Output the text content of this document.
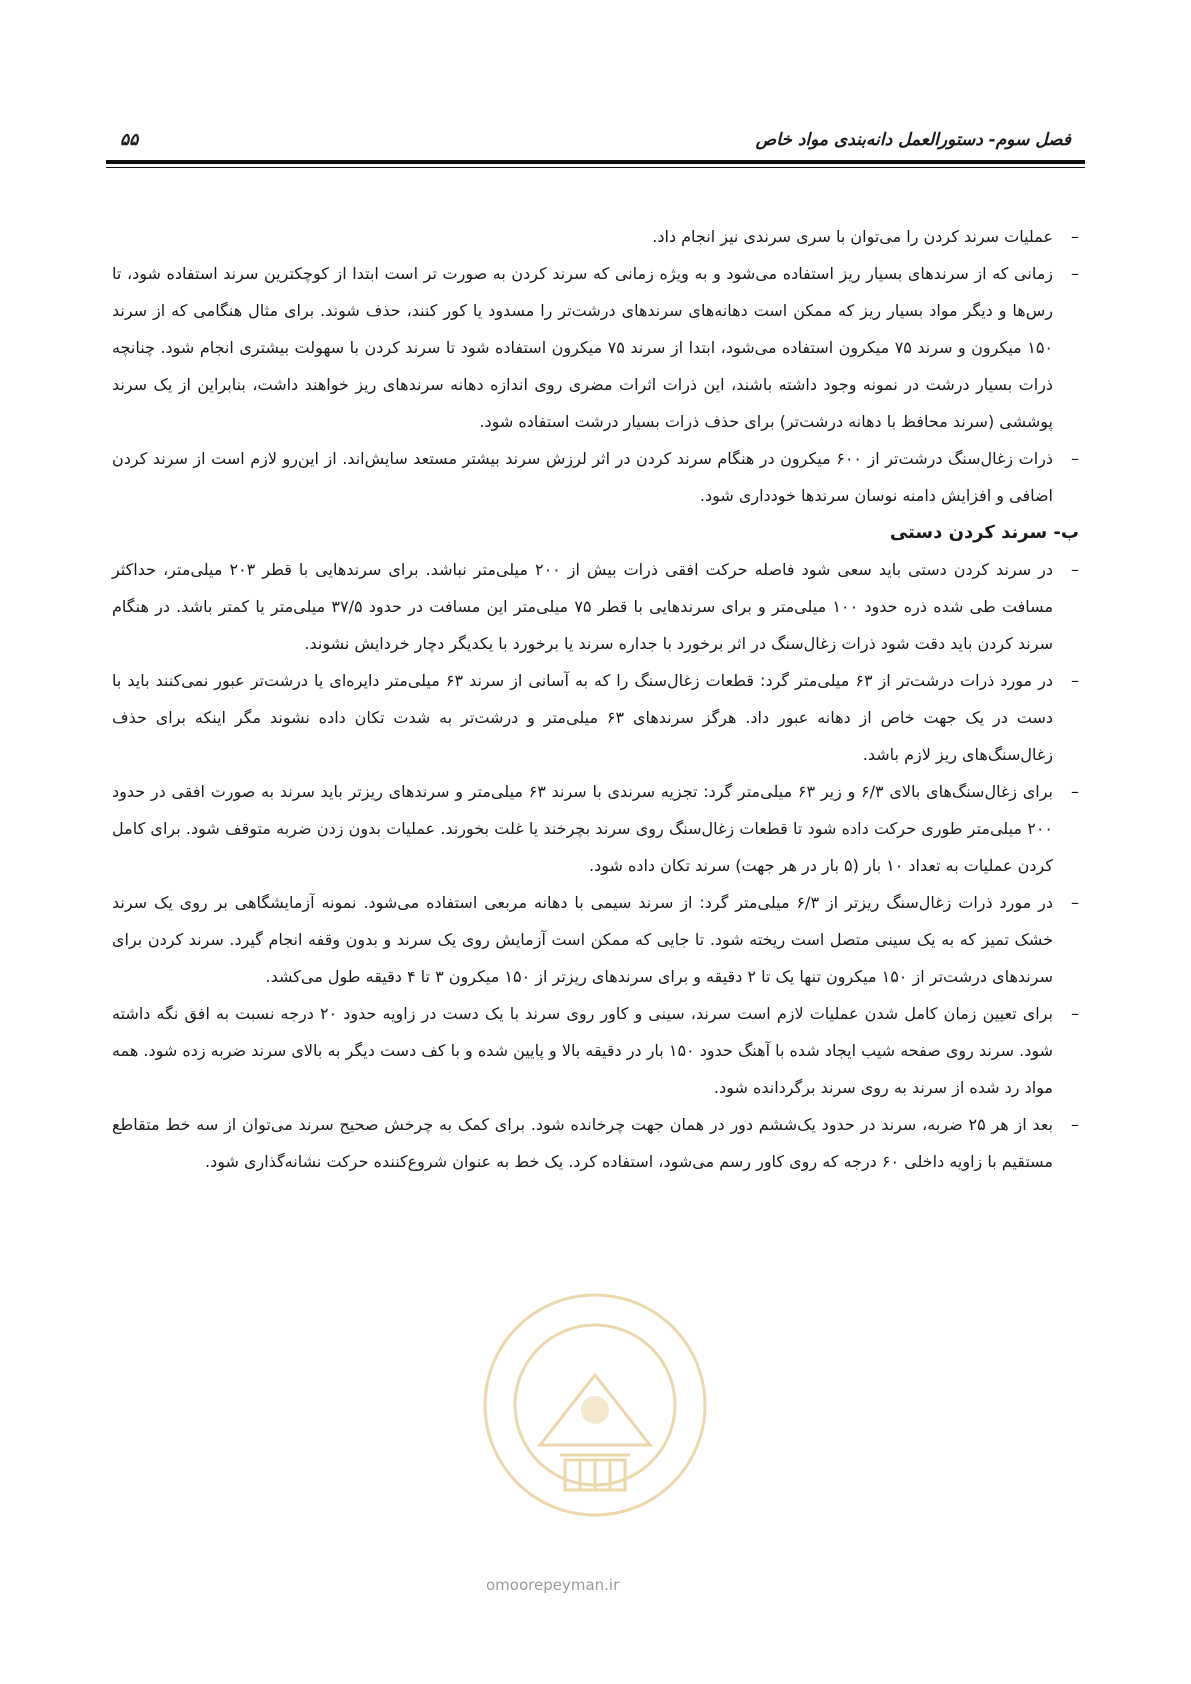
فصل سوم- دستورالعمل دانه‌بندی مواد خاص
۵۵

–
عملیات سرند کردن را می‌توان با سری سرندی نیز انجام داد.

–
زمانی که از سرندهای بسیار ریز استفاده می‌شود و به ویژه زمانی که سرند کردن به صورت تر است ابتدا از کوچکترین سرند استفاده شود، تا رس‌ها و دیگر مواد بسیار ریز که ممکن است دهانه‌های سرندهای درشت‌تر را مسدود یا کور کنند، حذف شوند. برای مثال هنگامی که از سرند ۱۵۰ میکرون و سرند ۷۵ میکرون استفاده می‌شود، ابتدا از سرند ۷۵ میکرون استفاده شود تا سرند کردن با سهولت بیشتری انجام شود. چنانچه ذرات بسیار درشت در نمونه وجود داشته باشند، این ذرات اثرات مضری روی اندازه دهانه سرندهای ریز خواهند داشت، بنابراین از یک سرند پوششی (سرند محافظ با دهانه درشت‌تر) برای حذف ذرات بسیار درشت استفاده شود.

–
ذرات زغال‌سنگ درشت‌تر از ۶۰۰ میکرون در هنگام سرند کردن در اثر لرزش سرند بیشتر مستعد سایش‌اند. از این‌رو لازم است از سرند کردن اضافی و افزایش دامنه نوسان سرندها خودداری شود.

ب- سرند کردن دستی

–
در سرند کردن دستی باید سعی شود فاصله حرکت افقی ذرات بیش از ۲۰۰ میلی‌متر نباشد. برای سرندهایی با قطر ۲۰۳ میلی‌متر، حداکثر مسافت طی شده ذره حدود ۱۰۰ میلی‌متر و برای سرندهایی با قطر ۷۵ میلی‌متر این مسافت در حدود ۳۷/۵ میلی‌متر یا کمتر باشد. در هنگام سرند کردن باید دقت شود ذرات زغال‌سنگ در اثر برخورد با جداره سرند یا برخورد با یکدیگر دچار خردایش نشوند.

–
در مورد ذرات درشت‌تر از ۶۳ میلی‌متر گرد: قطعات زغال‌سنگ را که به آسانی از سرند ۶۳ میلی‌متر دایره‌ای یا درشت‌تر عبور نمی‌کنند باید با دست در یک جهت خاص از دهانه عبور داد. هرگز سرندهای ۶۳ میلی‌متر و درشت‌تر به شدت تکان داده نشوند مگر اینکه برای حذف زغال‌سنگ‌های ریز لازم باشد.

–
برای زغال‌سنگ‌های بالای ۶/۳ و زیر ۶۳ میلی‌متر گرد: تجزیه سرندی با سرند ۶۳ میلی‌متر و سرندهای ریزتر باید سرند به صورت افقی در حدود ۲۰۰ میلی‌متر طوری حرکت داده شود تا قطعات زغال‌سنگ روی سرند بچرخند یا غلت بخورند. عملیات بدون زدن ضربه متوقف شود. برای کامل کردن عملیات به تعداد ۱۰ بار (۵ بار در هر جهت) سرند تکان داده شود.

–
در مورد ذرات زغال‌سنگ ریزتر از ۶/۳ میلی‌متر گرد: از سرند سیمی با دهانه مربعی استفاده می‌شود. نمونه آزمایشگاهی بر روی یک سرند خشک تمیز که به یک سینی متصل است ریخته شود. تا جایی که ممکن است آزمایش روی یک سرند و بدون وقفه انجام گیرد. سرند کردن برای سرندهای درشت‌تر از ۱۵۰ میکرون تنها یک تا ۲ دقیقه و برای سرندهای ریزتر از ۱۵۰ میکرون ۳ تا ۴ دقیقه طول می‌کشد.

–
برای تعیین زمان کامل شدن عملیات لازم است سرند، سینی و کاور روی سرند با یک دست در زاویه حدود ۲۰ درجه نسبت به افق نگه داشته شود. سرند روی صفحه شیب ایجاد شده با آهنگ حدود ۱۵۰ بار در دقیقه بالا و پایین شده و با کف دست دیگر به بالای سرند ضربه زده شود. همه مواد رد شده از سرند به روی سرند برگردانده شود.

–
بعد از هر ۲۵ ضربه، سرند در حدود یک‌ششم دور در همان جهت چرخانده شود. برای کمک به چرخش صحیح سرند می‌توان از سه خط متقاطع مستقیم با زاویه داخلی ۶۰ درجه که روی کاور رسم می‌شود، استفاده کرد. یک خط به عنوان شروع‌کننده حرکت نشانه‌گذاری شود.

omoorepeyman.ir
